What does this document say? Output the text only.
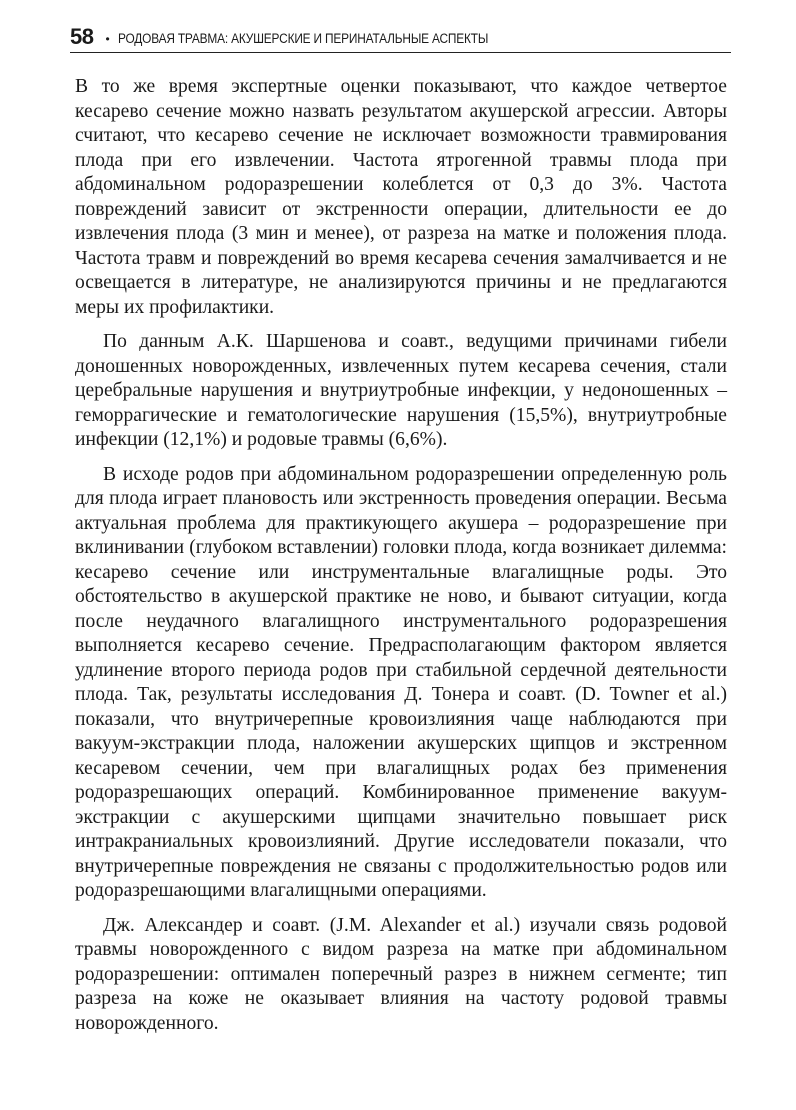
58 • РОДОВАЯ ТРАВМА: АКУШЕРСКИЕ И ПЕРИНАТАЛЬНЫЕ АСПЕКТЫ

В то же время экспертные оценки показывают, что каждое четвертое кесарево сечение можно назвать результатом акушерской агрессии. Авторы считают, что кесарево сечение не исключает возможности травмирования плода при его извлечении. Частота ятрогенной травмы плода при абдоминальном родоразрешении колеблется от 0,3 до 3%. Частота повреждений зависит от экстренности операции, длительности ее до извлечения плода (3 мин и менее), от разреза на матке и положения плода. Частота травм и повреждений во время кесарева сечения замалчивается и не освещается в литературе, не анализируются причины и не предлагаются меры их профилактики.

По данным А.К. Шаршенова и соавт., ведущими причинами гибели доношенных новорожденных, извлеченных путем кесарева сечения, стали церебральные нарушения и внутриутробные инфекции, у недоношенных – геморрагические и гематологические нарушения (15,5%), внутриутробные инфекции (12,1%) и родовые травмы (6,6%).

В исходе родов при абдоминальном родоразрешении определенную роль для плода играет плановость или экстренность проведения операции. Весьма актуальная проблема для практикующего акушера – родоразрешение при вклинивании (глубоком вставлении) головки плода, когда возникает дилемма: кесарево сечение или инструментальные влагалищные роды. Это обстоятельство в акушерской практике не ново, и бывают ситуации, когда после неудачного влагалищного инструментального родоразрешения выполняется кесарево сечение. Предрасполагающим фактором является удлинение второго периода родов при стабильной сердечной деятельности плода. Так, результаты исследования Д. Тонера и соавт. (D. Towner et al.) показали, что внутричерепные кровоизлияния чаще наблюдаются при вакуум-экстракции плода, наложении акушерских щипцов и экстренном кесаревом сечении, чем при влагалищных родах без применения родоразрешающих операций. Комбинированное применение вакуум-экстракции с акушерскими щипцами значительно повышает риск интракраниальных кровоизлияний. Другие исследователи показали, что внутричерепные повреждения не связаны с продолжительностью родов или родоразрешающими влагалищными операциями.

Дж. Александер и соавт. (J.M. Alexander et al.) изучали связь родовой травмы новорожденного с видом разреза на матке при абдоминальном родоразрешении: оптимален поперечный разрез в нижнем сегменте; тип разреза на коже не оказывает влияния на частоту родовой травмы новорожденного.
